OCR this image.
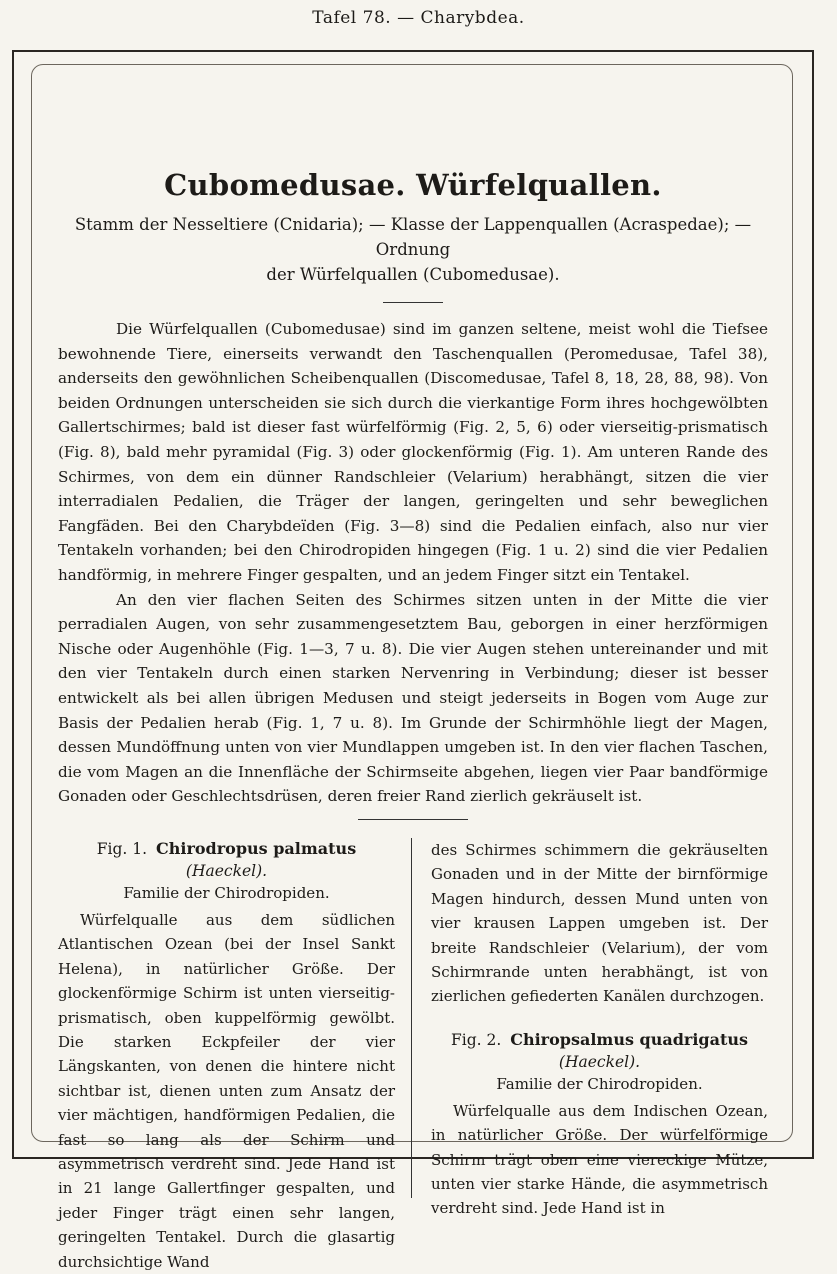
Tafel 78. — Charybdea.
Cubomedusae. Würfelquallen.
Stamm der Nesseltiere (Cnidaria); — Klasse der Lappenquallen (Acraspedae); — Ordnung
der Würfelquallen (Cubomedusae).

Die Würfelquallen (Cubomedusae) sind im ganzen seltene, meist wohl die Tiefsee bewohnende Tiere, einerseits verwandt den Taschenquallen (Peromedusae, Tafel 38), anderseits den gewöhnlichen Scheibenquallen (Discomedusae, Tafel 8, 18, 28, 88, 98). Von beiden Ordnungen unterscheiden sie sich durch die vierkantige Form ihres hochgewölbten Gallertschirmes; bald ist dieser fast würfelförmig (Fig. 2, 5, 6) oder vierseitig-prismatisch (Fig. 8), bald mehr pyramidal (Fig. 3) oder glockenförmig (Fig. 1). Am unteren Rande des Schirmes, von dem ein dünner Randschleier (Velarium) herabhängt, sitzen die vier interradialen Pedalien, die Träger der langen, geringelten und sehr beweglichen Fangfäden. Bei den Charybdeïden (Fig. 3—8) sind die Pedalien einfach, also nur vier Tentakeln vorhanden; bei den Chirodropiden hingegen (Fig. 1 u. 2) sind die vier Pedalien handförmig, in mehrere Finger gespalten, und an jedem Finger sitzt ein Tentakel.

An den vier flachen Seiten des Schirmes sitzen unten in der Mitte die vier perradialen Augen, von sehr zusammengesetztem Bau, geborgen in einer herzförmigen Nische oder Augenhöhle (Fig. 1—3, 7 u. 8). Die vier Augen stehen untereinander und mit den vier Tentakeln durch einen starken Nervenring in Verbindung; dieser ist besser entwickelt als bei allen übrigen Medusen und steigt jederseits in Bogen vom Auge zur Basis der Pedalien herab (Fig. 1, 7 u. 8). Im Grunde der Schirmhöhle liegt der Magen, dessen Mundöffnung unten von vier Mundlappen umgeben ist. In den vier flachen Taschen, die vom Magen an die Innenfläche der Schirmseite abgehen, liegen vier Paar bandförmige Gonaden oder Geschlechtsdrüsen, deren freier Rand zierlich gekräuselt ist.

Fig. 1. Chirodropus palmatus (Haeckel).
Familie der Chirodropiden.

Würfelqualle aus dem südlichen Atlantischen Ozean (bei der Insel Sankt Helena), in natürlicher Größe. Der glockenförmige Schirm ist unten vierseitig-prismatisch, oben kuppelförmig gewölbt. Die starken Eckpfeiler der vier Längskanten, von denen die hintere nicht sichtbar ist, dienen unten zum Ansatz der vier mächtigen, handförmigen Pedalien, die fast so lang als der Schirm und asymmetrisch verdreht sind. Jede Hand ist in 21 lange Gallertfinger gespalten, und jeder Finger trägt einen sehr langen, geringelten Tentakel. Durch die glasartig durchsichtige Wand

des Schirmes schimmern die gekräuselten Gonaden und in der Mitte der birnförmige Magen hindurch, dessen Mund unten von vier krausen Lappen umgeben ist. Der breite Randschleier (Velarium), der vom Schirmrande unten herabhängt, ist von zierlichen gefiederten Kanälen durchzogen.

Fig. 2. Chiropsalmus quadrigatus (Haeckel).
Familie der Chirodropiden.

Würfelqualle aus dem Indischen Ozean, in natürlicher Größe. Der würfelförmige Schirm trägt oben eine viereckige Mütze, unten vier starke Hände, die asymmetrisch verdreht sind. Jede Hand ist in
